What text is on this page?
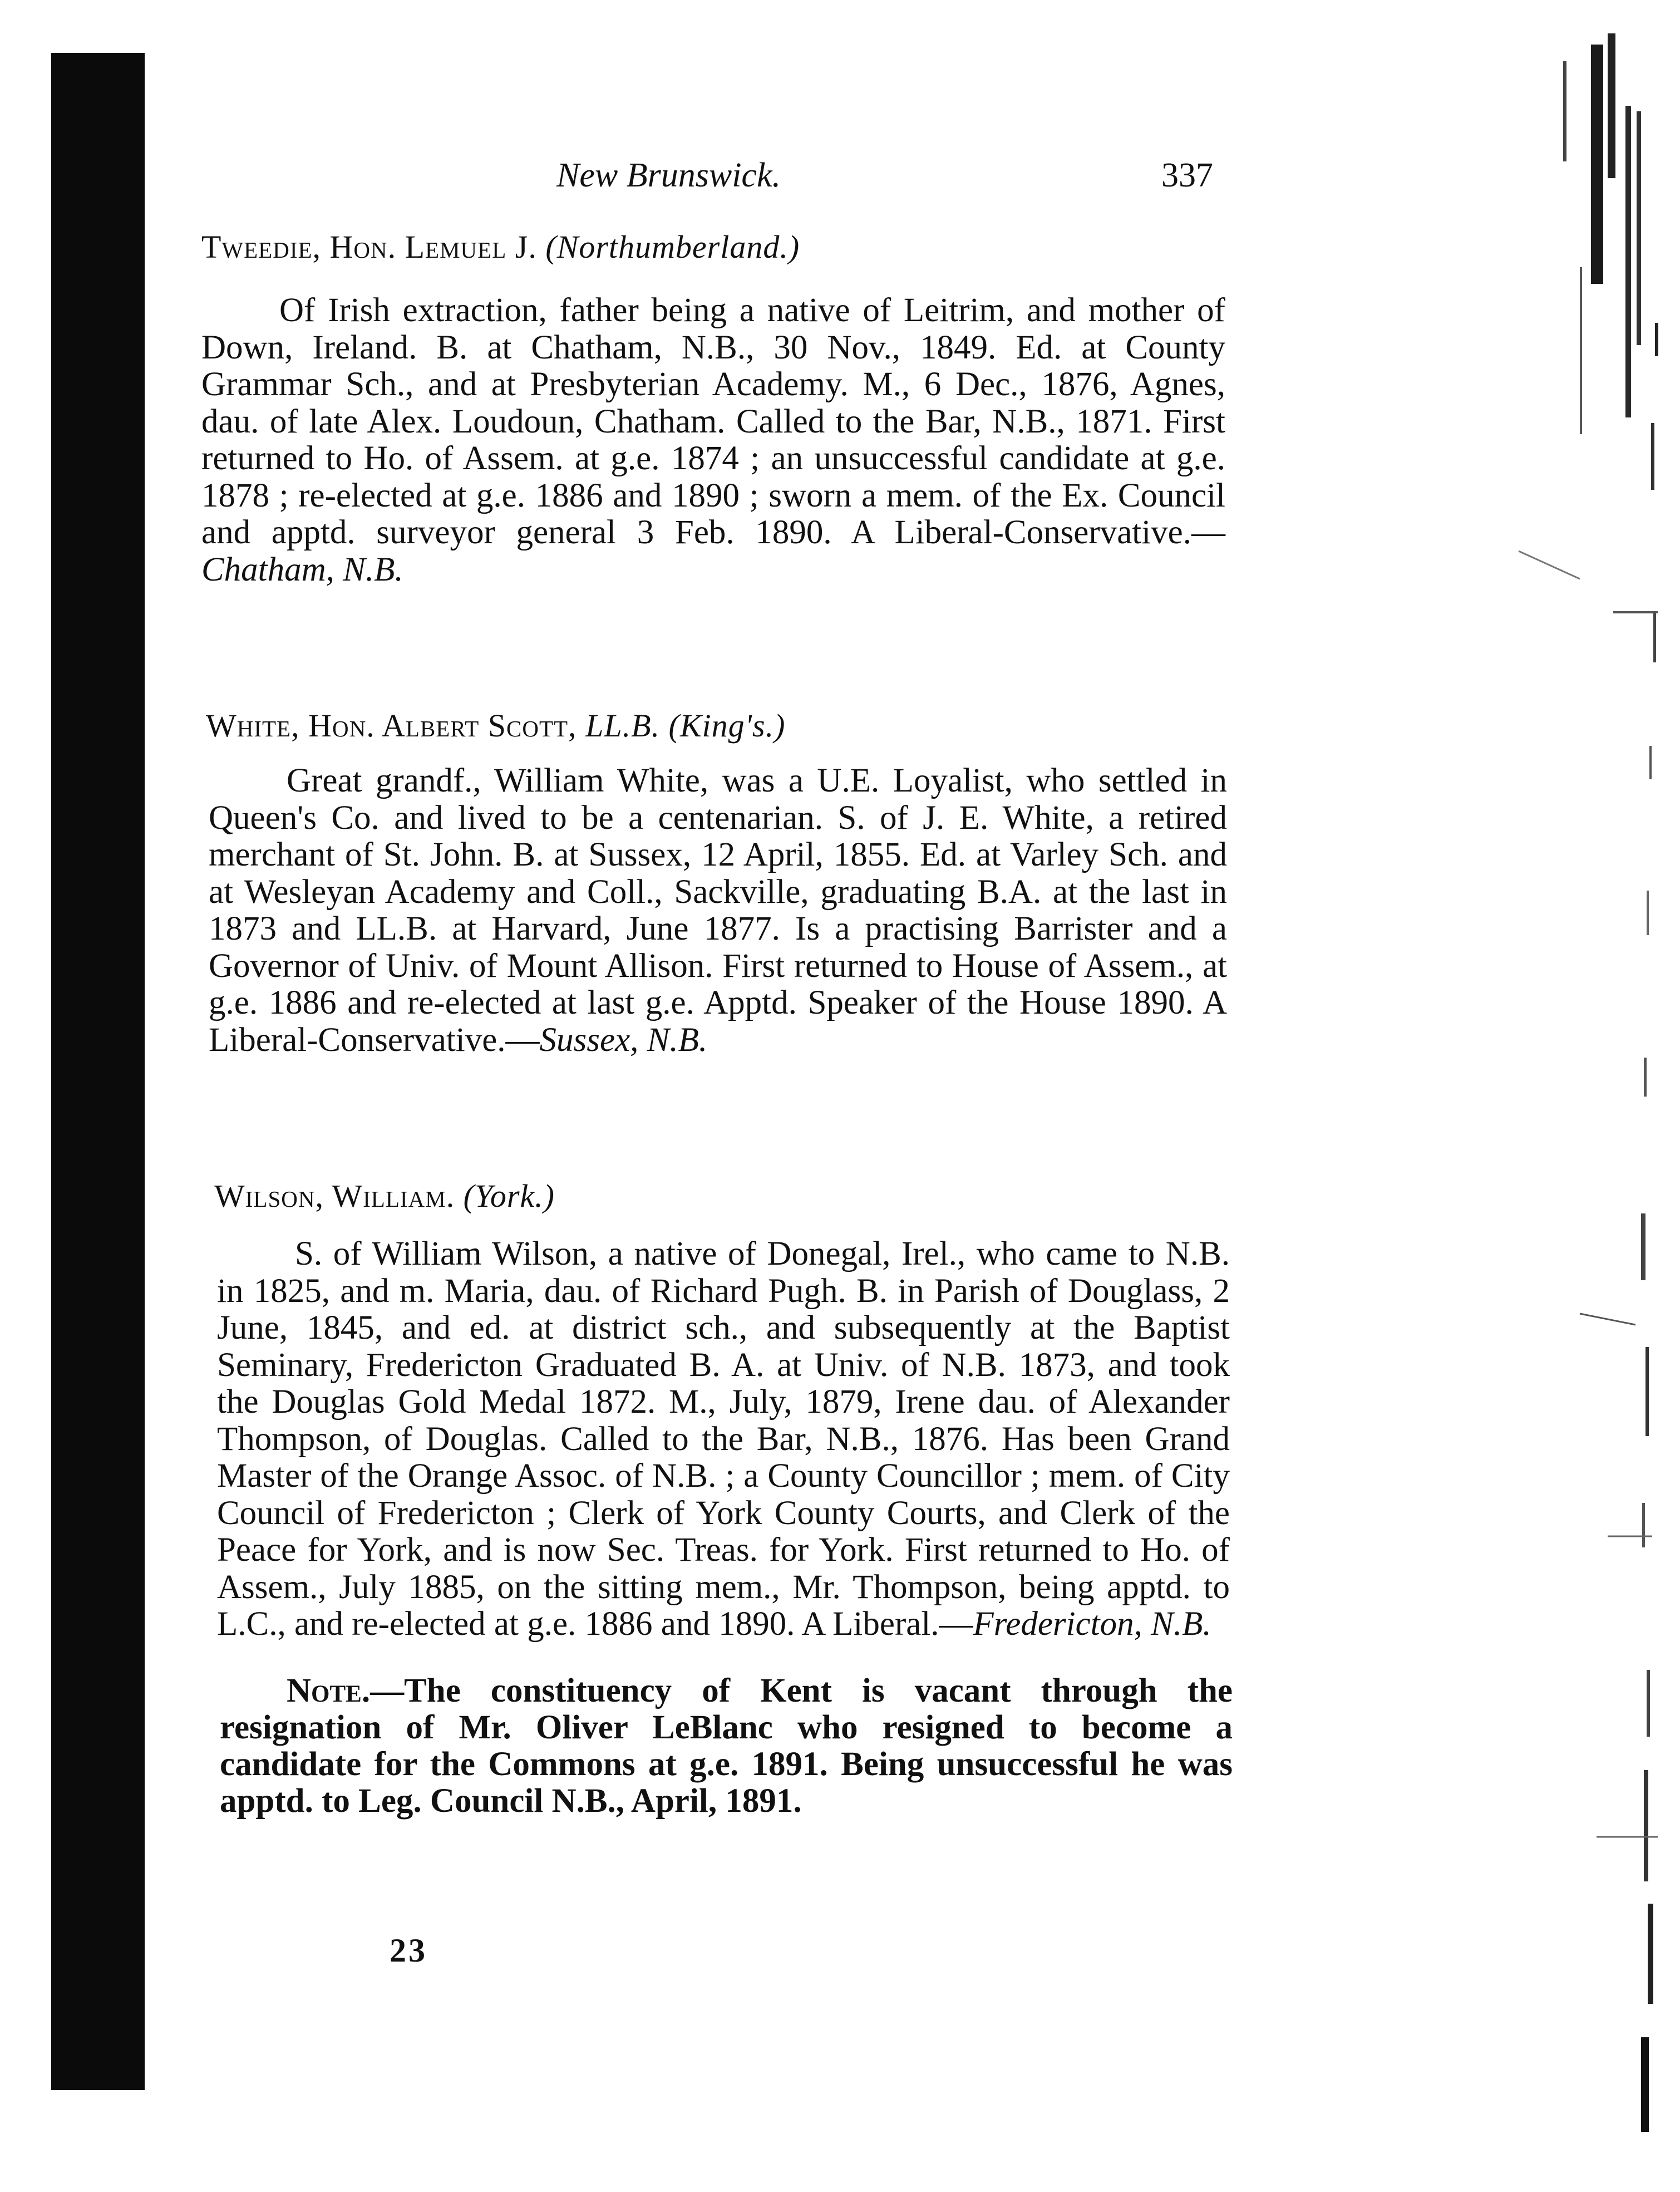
New Brunswick.	337
Tweedie, Hon. Lemuel J. (Northumberland.)
Of Irish extraction, father being a native of Leitrim, and mother of Down, Ireland. B. at Chatham, N.B., 30 Nov., 1849. Ed. at County Grammar Sch., and at Presbyterian Academy. M., 6 Dec., 1876, Agnes, dau. of late Alex. Loudoun, Chatham. Called to the Bar, N.B., 1871. First returned to Ho. of Assem. at g.e. 1874 ; an unsuccessful candidate at g.e. 1878 ; re-elected at g.e. 1886 and 1890 ; sworn a mem. of the Ex. Council and apptd. surveyor general 3 Feb. 1890. A Liberal-Conservative.—Chatham, N.B.
White, Hon. Albert Scott, LL.B. (King's.)
Great grandf., William White, was a U.E. Loyalist, who settled in Queen's Co. and lived to be a centenarian. S. of J. E. White, a retired merchant of St. John. B. at Sussex, 12 April, 1855. Ed. at Varley Sch. and at Wesleyan Academy and Coll., Sackville, graduating B.A. at the last in 1873 and LL.B. at Harvard, June 1877. Is a practising Barrister and a Governor of Univ. of Mount Allison. First returned to House of Assem., at g.e. 1886 and re-elected at last g.e. Apptd. Speaker of the House 1890. A Liberal-Conservative.—Sussex, N.B.
Wilson, William. (York.)
S. of William Wilson, a native of Donegal, Irel., who came to N.B. in 1825, and m. Maria, dau. of Richard Pugh. B. in Parish of Douglass, 2 June, 1845, and ed. at district sch., and subsequently at the Baptist Seminary, Fredericton Graduated B. A. at Univ. of N.B. 1873, and took the Douglas Gold Medal 1872. M., July, 1879, Irene dau. of Alexander Thompson, of Douglas. Called to the Bar, N.B., 1876. Has been Grand Master of the Orange Assoc. of N.B. ; a County Councillor ; mem. of City Council of Fredericton ; Clerk of York County Courts, and Clerk of the Peace for York, and is now Sec. Treas. for York. First returned to Ho. of Assem., July 1885, on the sitting mem., Mr. Thompson, being apptd. to L.C., and re-elected at g.e. 1886 and 1890. A Liberal.—Fredericton, N.B.
Note.—The constituency of Kent is vacant through the resignation of Mr. Oliver LeBlanc who resigned to become a candidate for the Commons at g.e. 1891. Being unsuccessful he was apptd. to Leg. Council N.B., April, 1891.
23
